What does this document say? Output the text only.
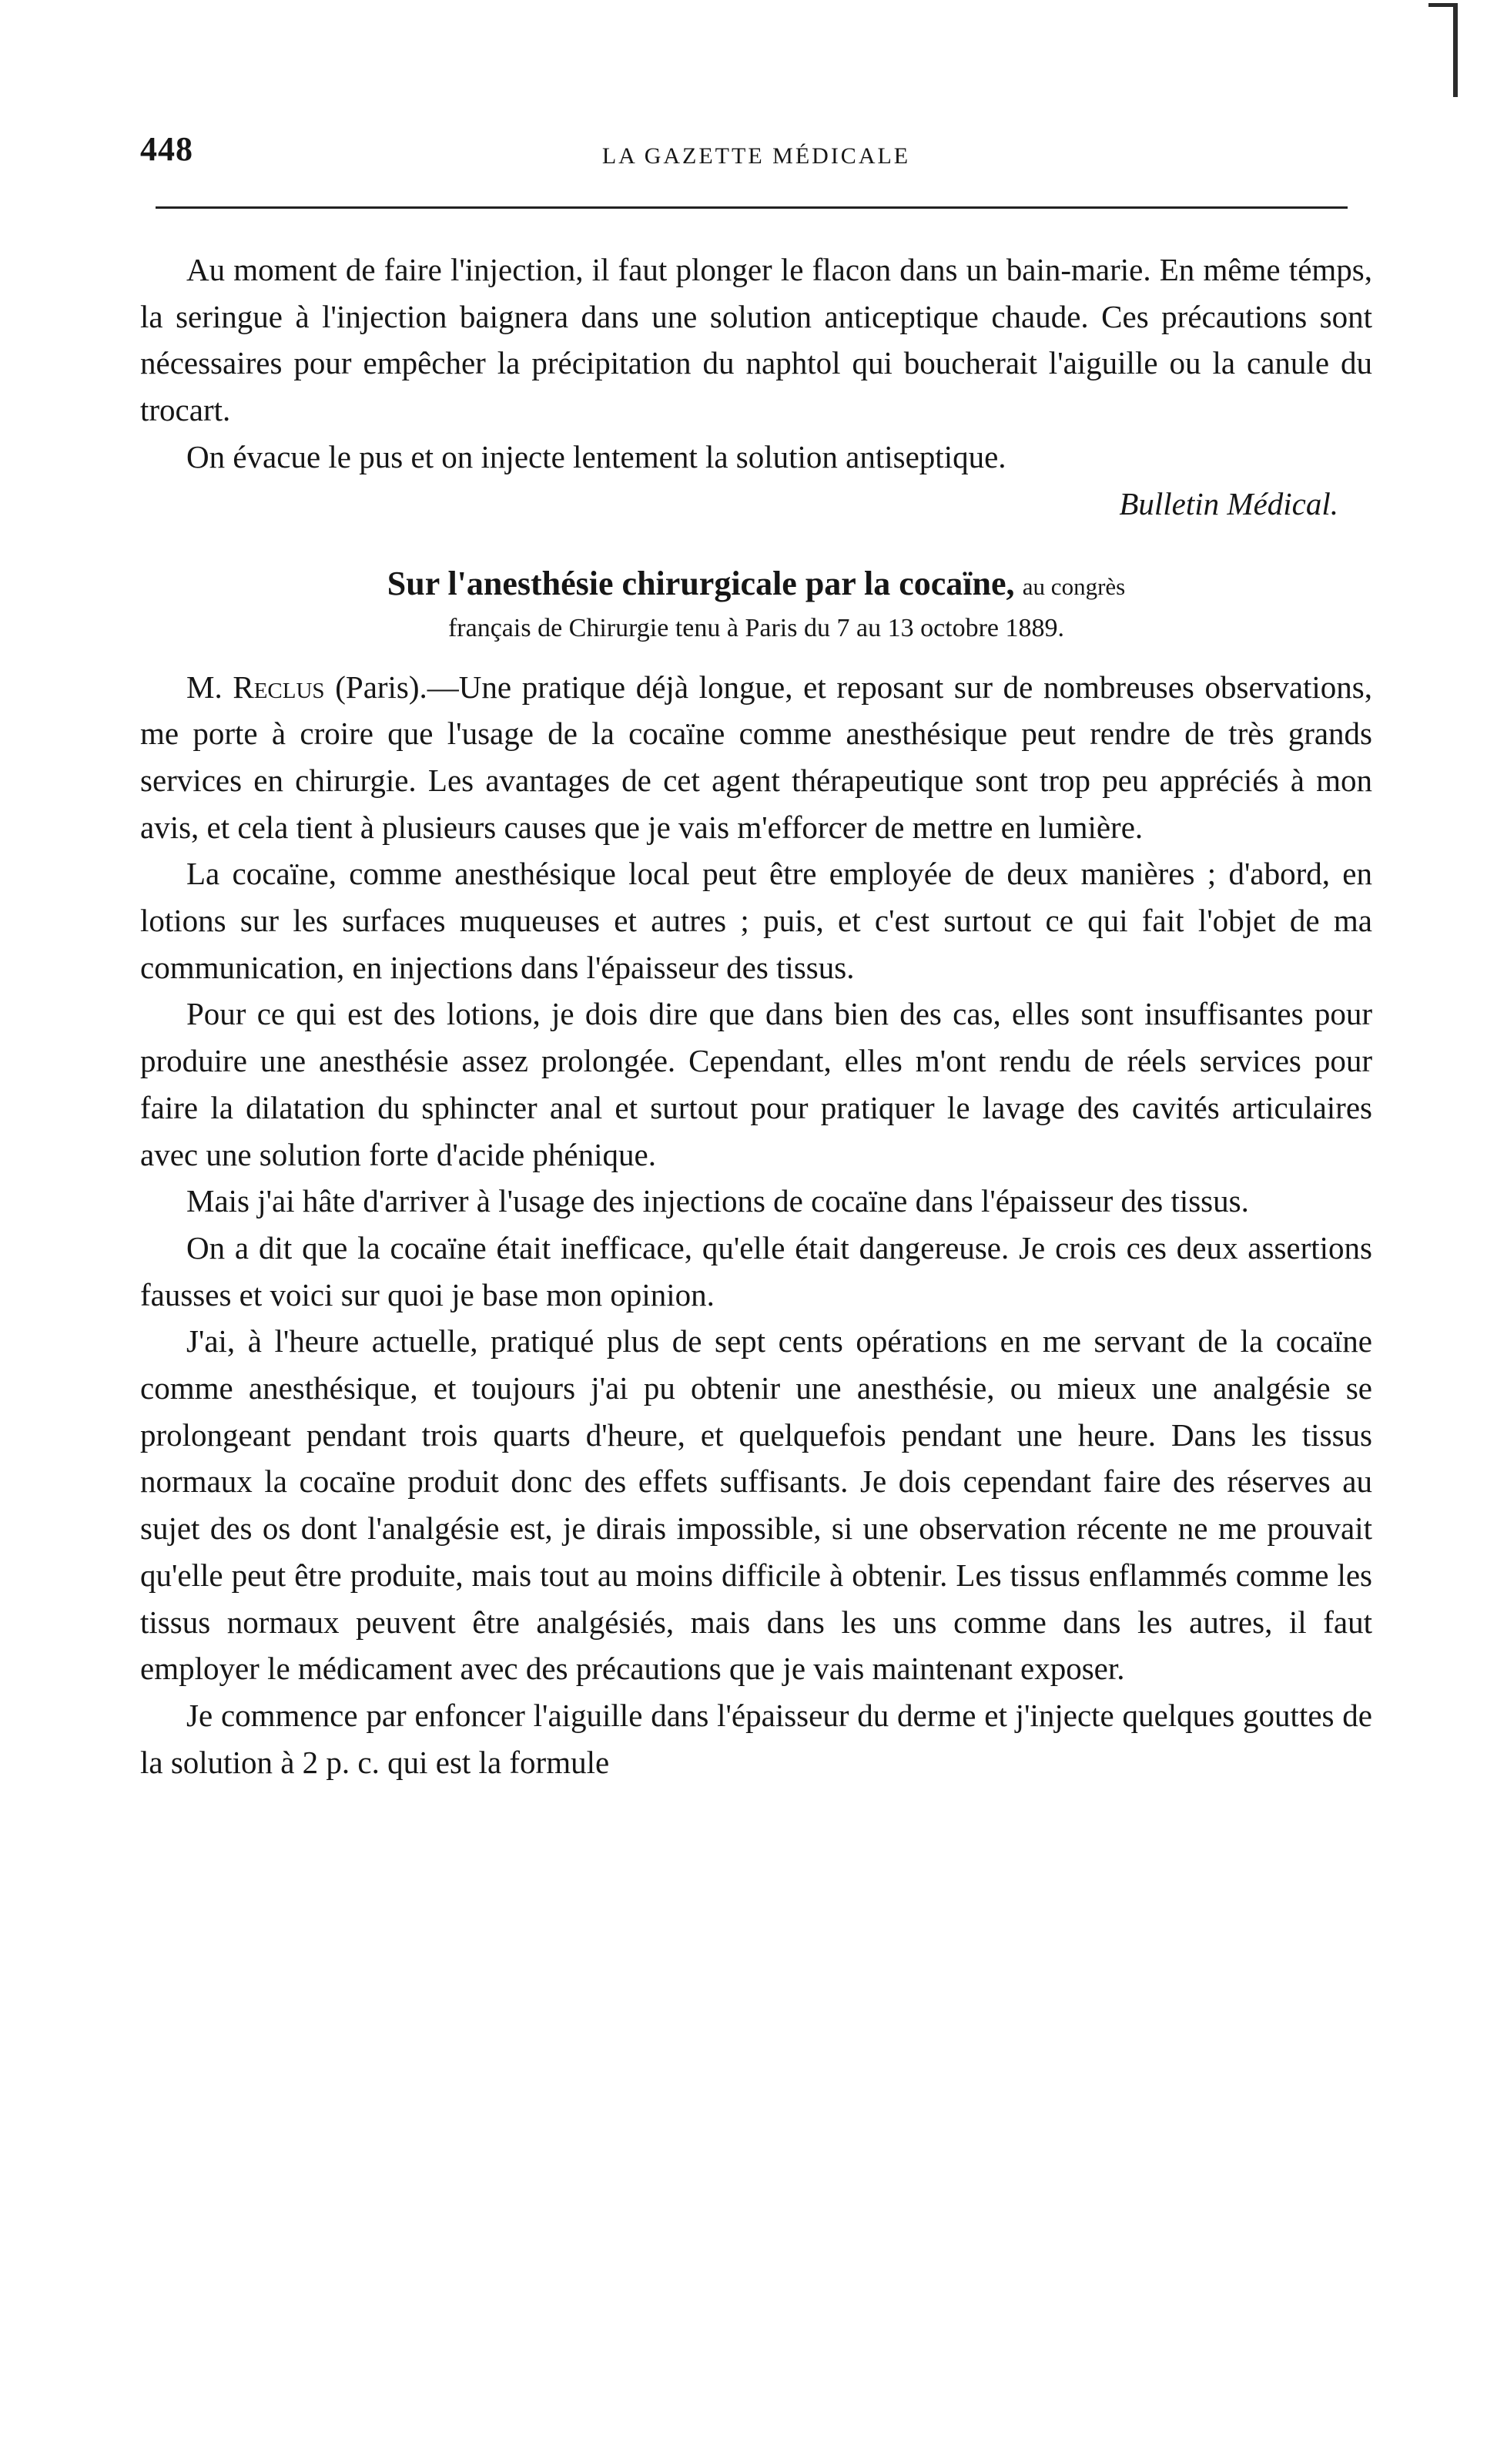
448	LA GAZETTE MÉDICALE

Au moment de faire l'injection, il faut plonger le flacon dans un bain-marie. En même témps, la seringue à l'injection baignera dans une solution anticeptique chaude. Ces précautions sont nécessaires pour empêcher la précipitation du naphtol qui boucherait l'aiguille ou la canule du trocart.

On évacue le pus et on injecte lentement la solution antiseptique.

Bulletin Médical.

Sur l'anesthésie chirurgicale par la cocaïne, au congrès

français de Chirurgie tenu à Paris du 7 au 13 octobre 1889.

M. Reclus (Paris).—Une pratique déjà longue, et reposant sur de nombreuses observations, me porte à croire que l'usage de la cocaïne comme anesthésique peut rendre de très grands services en chirurgie. Les avantages de cet agent thérapeutique sont trop peu appréciés à mon avis, et cela tient à plusieurs causes que je vais m'efforcer de mettre en lumière.

La cocaïne, comme anesthésique local peut être employée de deux manières ; d'abord, en lotions sur les surfaces muqueuses et autres ; puis, et c'est surtout ce qui fait l'objet de ma communication, en injections dans l'épaisseur des tissus.

Pour ce qui est des lotions, je dois dire que dans bien des cas, elles sont insuffisantes pour produire une anesthésie assez prolongée. Cependant, elles m'ont rendu de réels services pour faire la dilatation du sphincter anal et surtout pour pratiquer le lavage des cavités articulaires avec une solution forte d'acide phénique.

Mais j'ai hâte d'arriver à l'usage des injections de cocaïne dans l'épaisseur des tissus.

On a dit que la cocaïne était inefficace, qu'elle était dangereuse. Je crois ces deux assertions fausses et voici sur quoi je base mon opinion.

J'ai, à l'heure actuelle, pratiqué plus de sept cents opérations en me servant de la cocaïne comme anesthésique, et toujours j'ai pu obtenir une anesthésie, ou mieux une analgésie se prolongeant pendant trois quarts d'heure, et quelquefois pendant une heure. Dans les tissus normaux la cocaïne produit donc des effets suffisants. Je dois cependant faire des réserves au sujet des os dont l'analgésie est, je dirais impossible, si une observation récente ne me prouvait qu'elle peut être produite, mais tout au moins difficile à obtenir. Les tissus enflammés comme les tissus normaux peuvent être analgésiés, mais dans les uns comme dans les autres, il faut employer le médicament avec des précautions que je vais maintenant exposer.

Je commence par enfoncer l'aiguille dans l'épaisseur du derme et j'injecte quelques gouttes de la solution à 2 p. c. qui est la formule
